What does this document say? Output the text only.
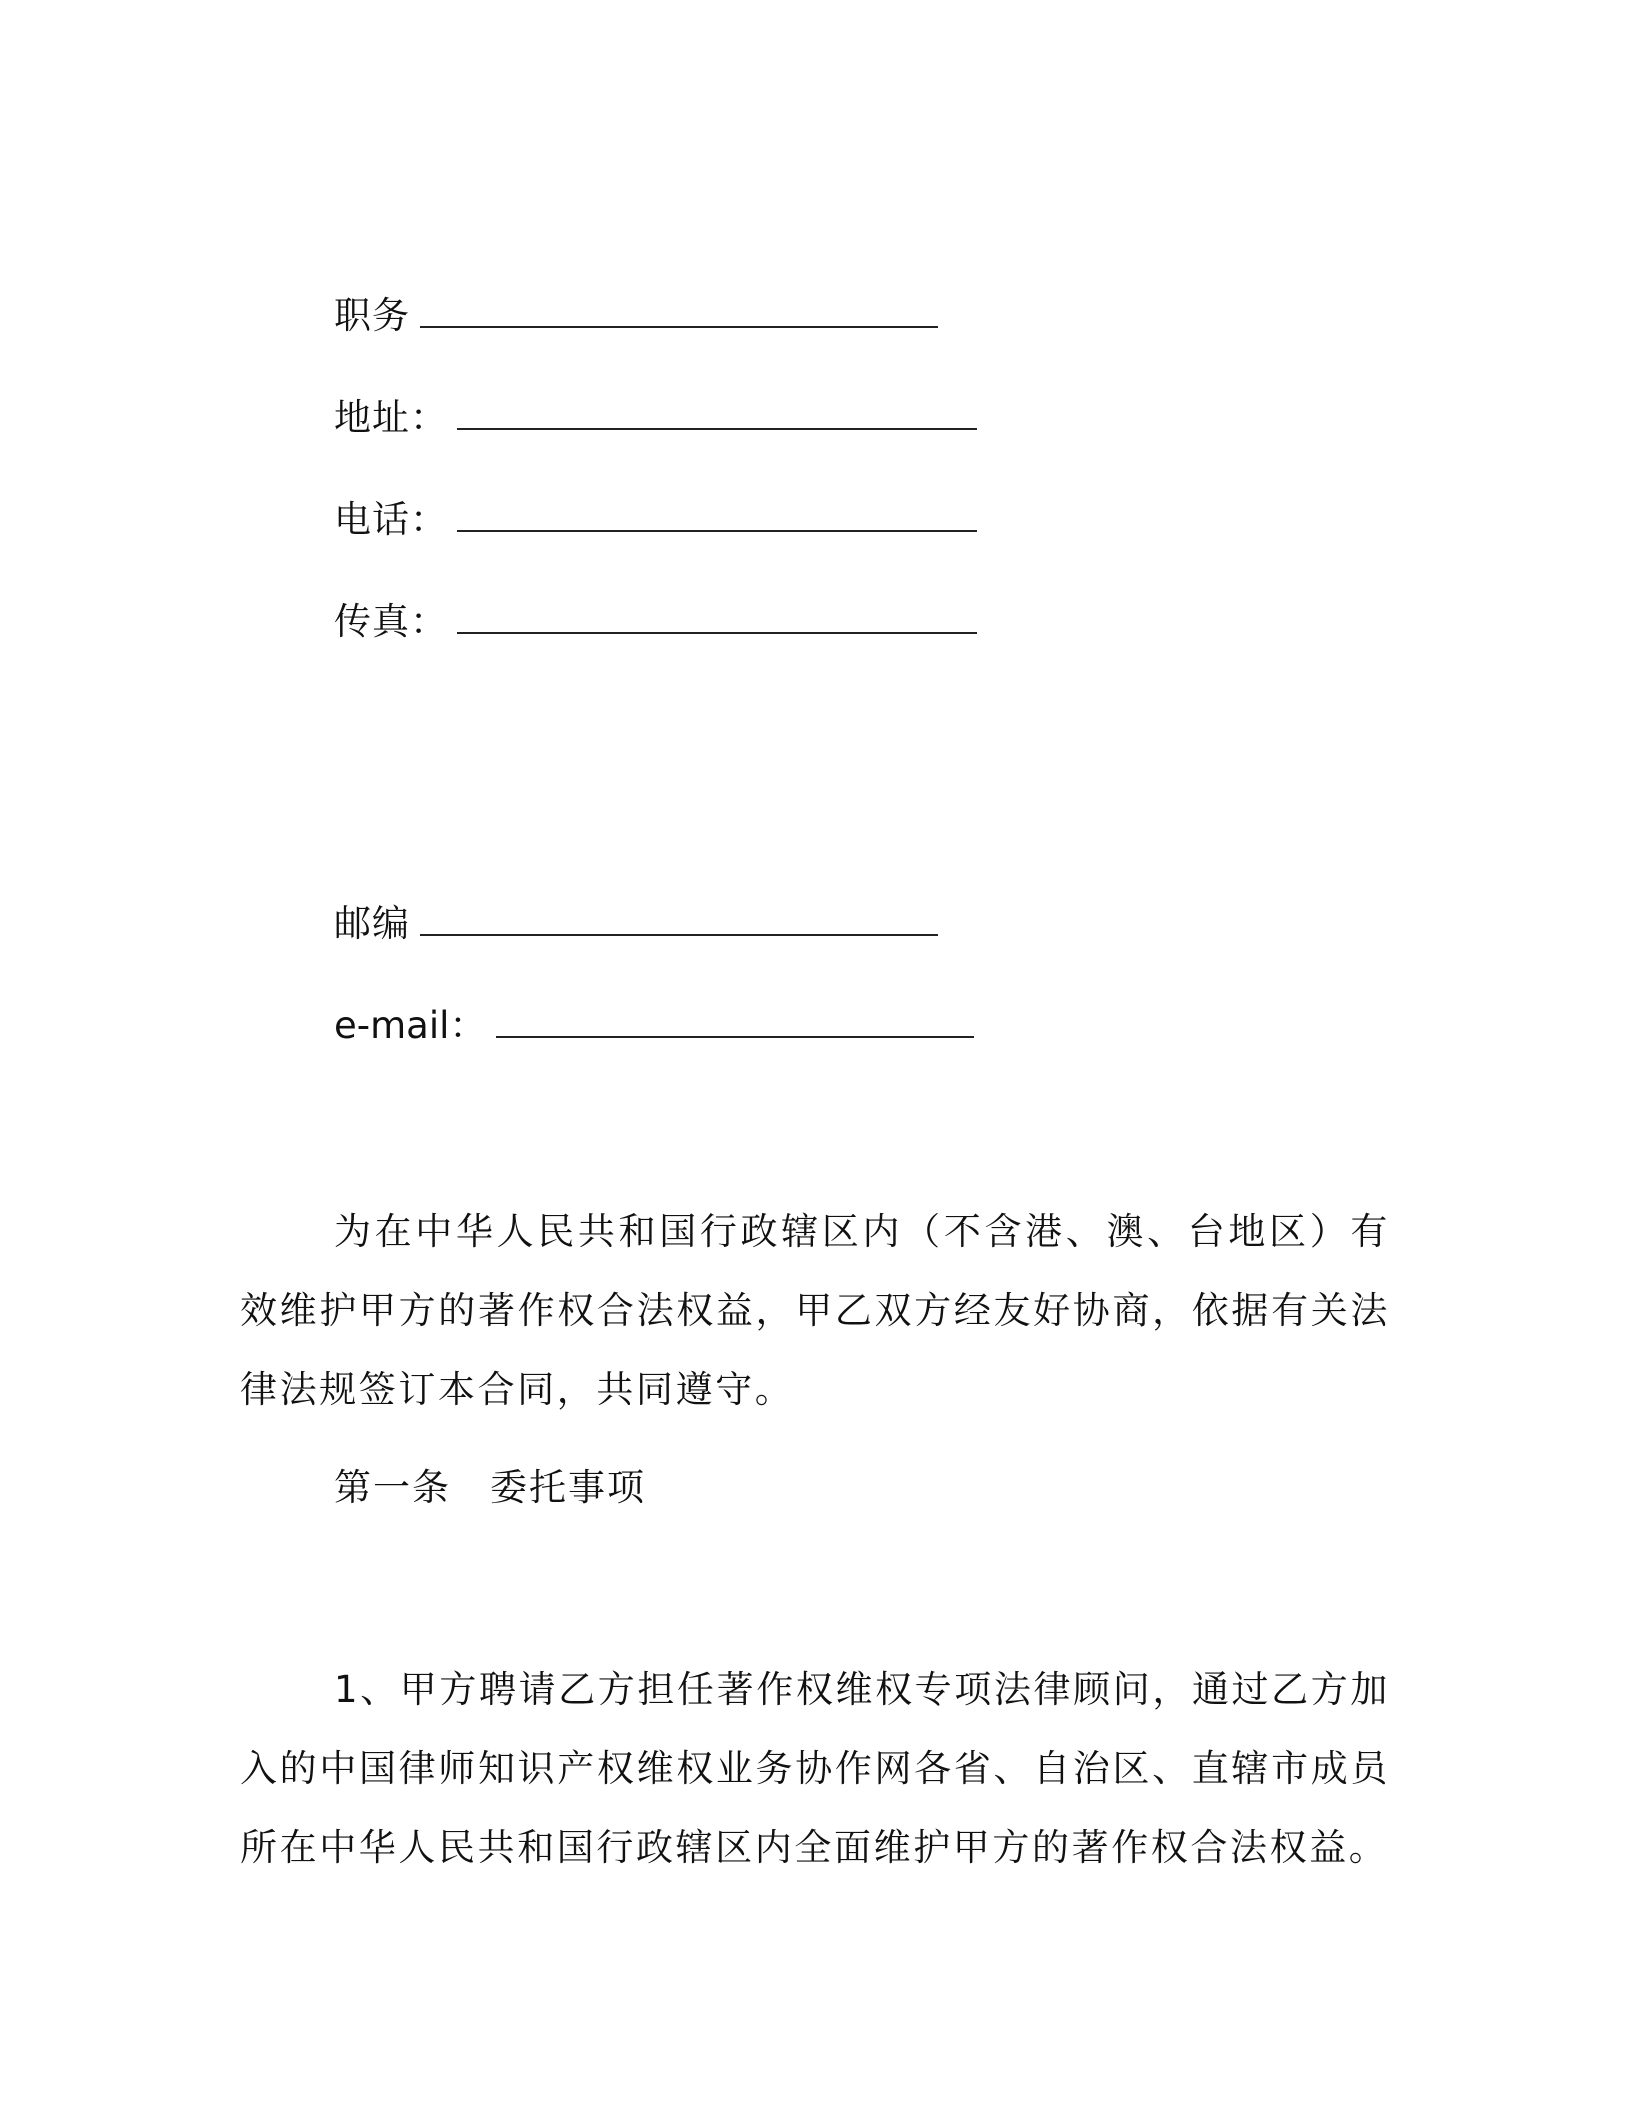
职务
地址 ：
电话 ：
传真 ：
邮编
e-mail ：

为在中华人民共和国行政辖区内（不含港、澳、台地区）有效维护甲方的著作权合法权益，甲乙双方经友好协商，依据有关法律法规签订本合同，共同遵守。

第一条　委托事项

1、甲方聘请乙方担任著作权维权专项法律顾问，通过乙方加入的中国律师知识产权维权业务协作网各省、自治区、直辖市成员所在中华人民共和国行政辖区内全面维护甲方的著作权合法权益。
